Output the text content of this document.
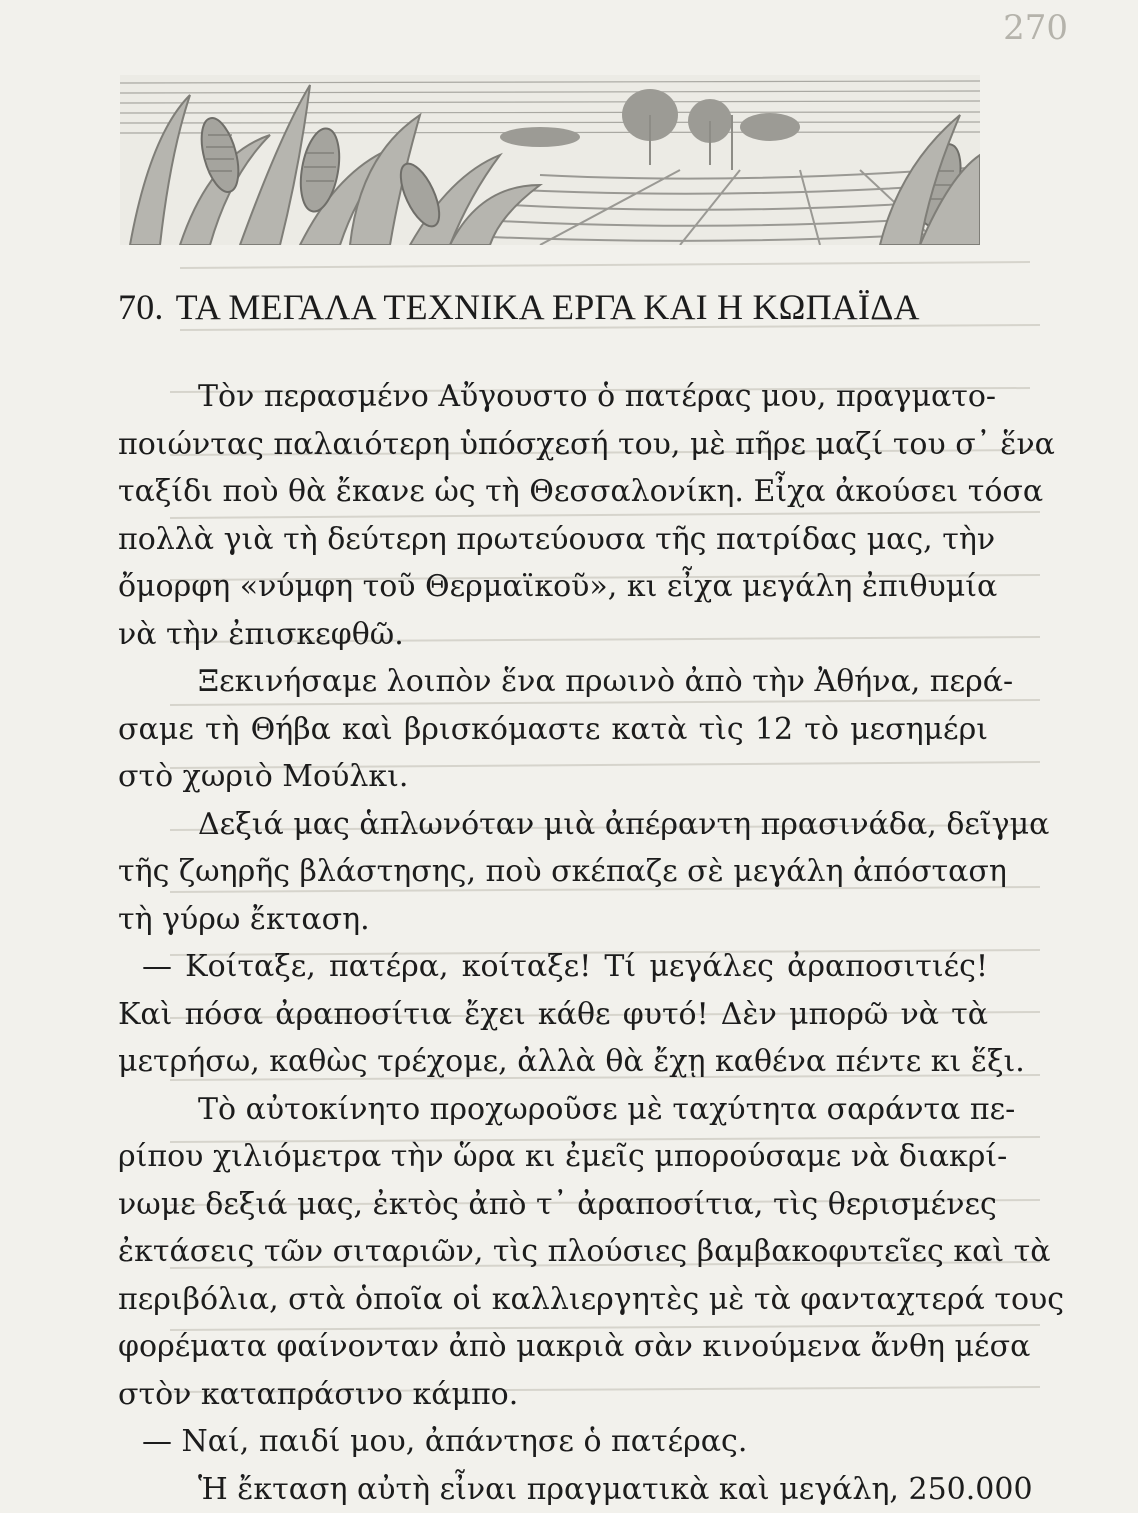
270
70. ΤΑ ΜΕΓΑΛΑ ΤΕΧΝΙΚΑ ΕΡΓΑ ΚΑΙ Η ΚΩΠΑΪΔΑ
Τὸν περασμένο Αὔγουστο ὁ πατέρας μου, πραγματο-
ποιώντας παλαιότερη ὑπόσχεσή του, μὲ πῆρε μαζί του σ᾽ ἕνα
ταξίδι ποὺ θὰ ἔκανε ὡς τὴ Θεσσαλονίκη. Εἶχα ἀκούσει τόσα
πολλὰ γιὰ τὴ δεύτερη πρωτεύουσα τῆς πατρίδας μας, τὴν
ὄμορφη «νύμφη τοῦ Θερμαϊκοῦ», κι εἶχα μεγάλη ἐπιθυμία
νὰ τὴν ἐπισκεφθῶ.
Ξεκινήσαμε λοιπὸν ἕνα πρωινὸ ἀπὸ τὴν Ἀθήνα, περά-
σαμε τὴ Θήβα καὶ βρισκόμαστε κατὰ τὶς 12 τὸ μεσημέρι
στὸ χωριὸ Μούλκι.
Δεξιά μας ἁπλωνόταν μιὰ ἀπέραντη πρασινάδα, δεῖγμα
τῆς ζωηρῆς βλάστησης, ποὺ σκέπαζε σὲ μεγάλη ἀπόσταση
τὴ γύρω ἔκταση.
— Κοίταξε, πατέρα, κοίταξε! Τί μεγάλες ἀραποσιτιές!
Καὶ πόσα ἀραποσίτια ἔχει κάθε φυτό! Δὲν μπορῶ νὰ τὰ
μετρήσω, καθὼς τρέχομε, ἀλλὰ θὰ ἔχῃ καθένα πέντε κι ἕξι.
Τὸ αὐτοκίνητο προχωροῦσε μὲ ταχύτητα σαράντα πε-
ρίπου χιλιόμετρα τὴν ὥρα κι ἐμεῖς μπορούσαμε νὰ διακρί-
νωμε δεξιά μας, ἐκτὸς ἀπὸ τ᾽ ἀραποσίτια, τὶς θερισμένες
ἐκτάσεις τῶν σιταριῶν, τὶς πλούσιες βαμβακοφυτεῖες καὶ τὰ
περιβόλια, στὰ ὁποῖα οἱ καλλιεργητὲς μὲ τὰ φανταχτερά τους
φορέματα φαίνονταν ἀπὸ μακριὰ σὰν κινούμενα ἄνθη μέσα
στὸν καταπράσινο κάμπο.
— Ναί, παιδί μου, ἀπάντησε ὁ πατέρας.
Ἡ ἔκταση αὐτὴ εἶναι πραγματικὰ καὶ μεγάλη, 250.000
